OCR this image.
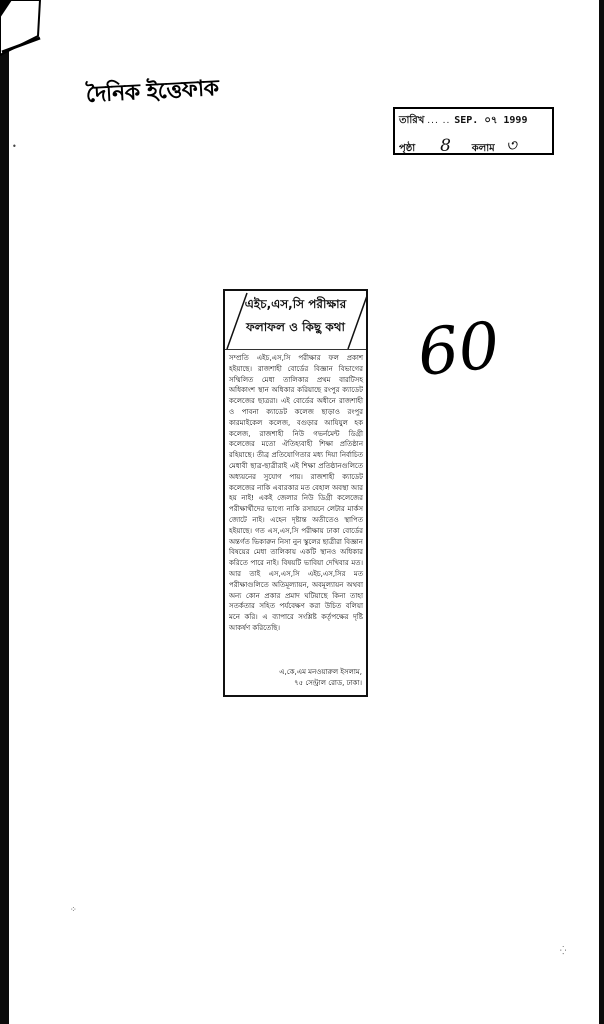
দৈনিক ইত্তেফাক
তারিখ ... .. SEP. ০৭ 1999
পৃষ্ঠা 8 কলাম ৩
60
•
⁘
⁛
এইচ,এস,সি পরীক্ষার
ফলাফল ও কিছু কথা
সম্প্রতি এইচ,এস,সি পরীক্ষার ফল প্রকাশ হইয়াছে। রাজশাহী বোর্ডের বিজ্ঞান বিভাগের সম্মিলিত মেধা তালিকার প্রথম বারটিসহ অধিকাংশ স্থান অধিকার করিয়াছে রংপুর ক্যাডেট কলেজের ছাত্ররা। এই বোর্ডের অধীনে রাজশাহী ও পাবনা ক্যাডেট কলেজ ছাড়াও রংপুর কারমাইকেল কলেজ, বগুড়ার আযিযুল হক কলেজ, রাজশাহী নিউ গভর্নমেন্ট ডিগ্রী কলেজের মতো ঐতিহ্যবাহী শিক্ষা প্রতিষ্ঠান রহিয়াছে। তীব্র প্রতিযোগিতার মধ্য দিয়া নির্বাচিত মেধাবী ছাত্র-ছাত্রীরাই এই শিক্ষা প্রতিষ্ঠানগুলিতে অধ্যয়নের সুযোগ পায়। রাজশাহী ক্যাডেট কলেজের নাকি এবারকার মত বেহাল অবস্থা আর হয় নাই! একই জেলার নিউ ডিগ্রী কলেজের পরীক্ষার্থীদের ভাগ্যে নাকি রসায়নে লেটার মার্কস জোটে নাই। এহেন দৃষ্টান্ত অতীতেও স্থাপিত হইয়াছে। গত এস,এস,সি পরীক্ষায় ঢাকা বোর্ডের অন্তর্গত ভিকারুন নিসা নুন স্কুলের ছাত্রীরা বিজ্ঞান বিষয়ের মেধা তালিকায় একটি স্থানও অধিকার করিতে পারে নাই। বিষয়টি ভাবিয়া দেখিবার মত। আর তাই এস,এস,সি এইচ,এস,সির মত পরীক্ষাগুলিতে অতিমূল্যায়ন, অবমূল্যায়ন অথবা অন্য কোন প্রকার প্রমাদ ঘটিয়াছে কিনা তাহা সতর্কতার সহিত পর্যবেক্ষণ করা উচিত বলিয়া মনে করি। এ ব্যাপারে সংশ্লিষ্ট কর্তৃপক্ষের দৃষ্টি আকর্ষণ করিতেছি।
এ,কে,এম মনওয়ারুল ইসলাম,
৭৫ সেন্ট্রাল রোড, ঢাকা।
